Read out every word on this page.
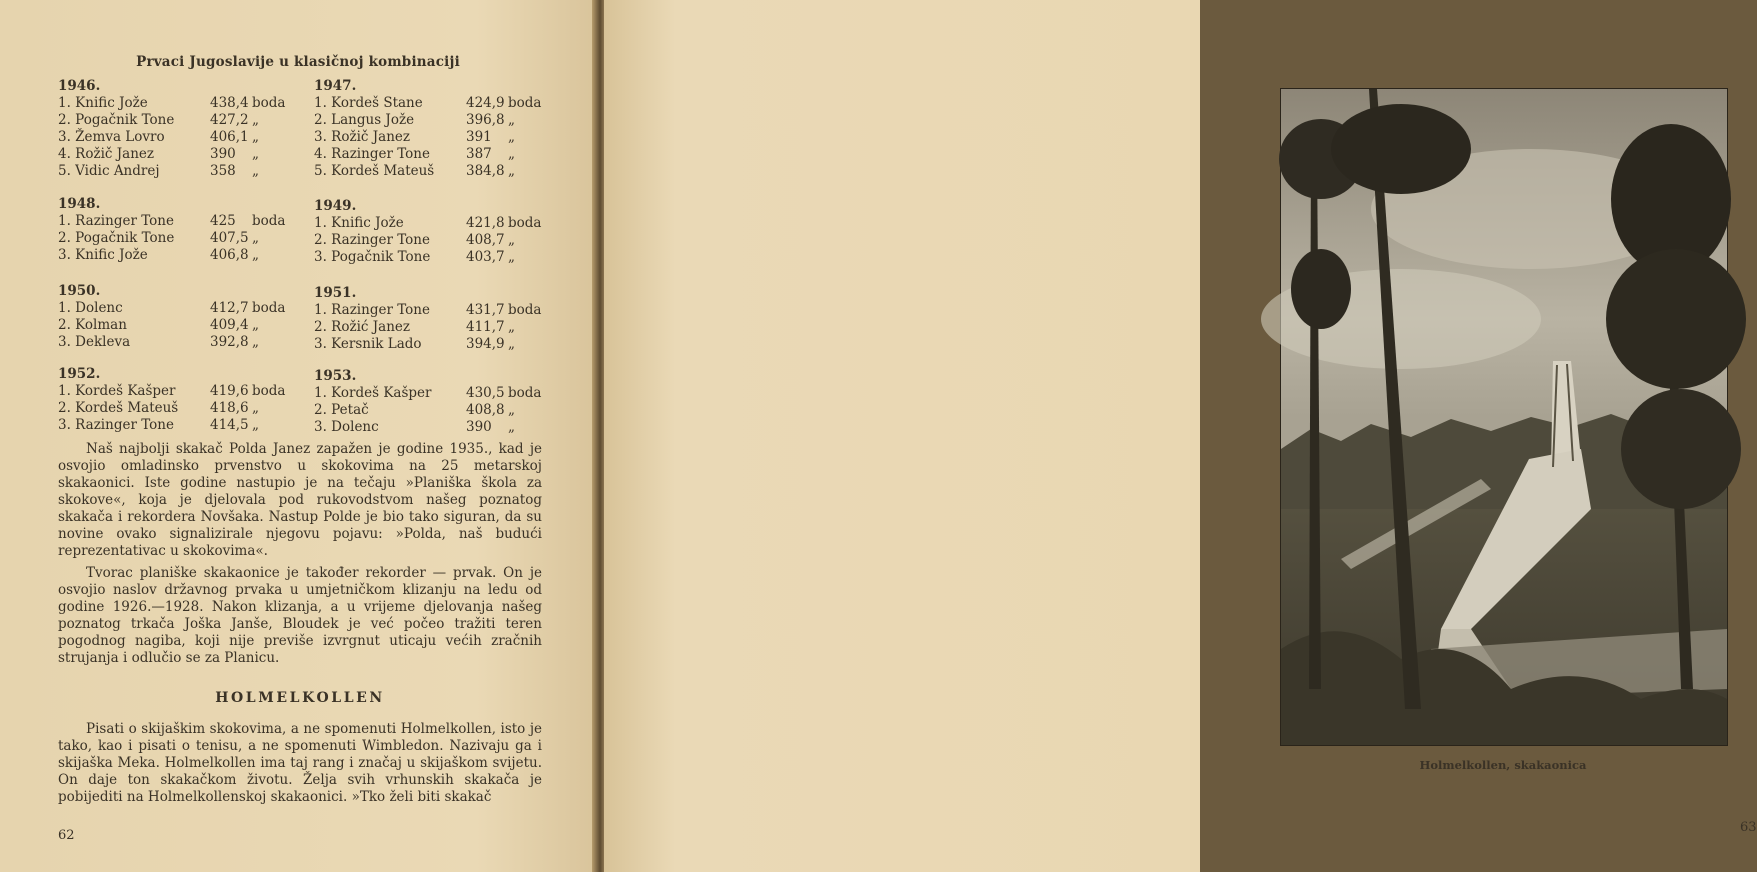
Prvaci Jugoslavije u klasičnoj kombinaciji
1946.
1. Knific Jože	438,4 boda
2. Pogačnik Tone	427,2 „
3. Žemva Lovro	406,1 „
4. Rožič Janez	390	„
5. Vidic Andrej	358	„
1947.
1. Kordeš Stane	424,9 boda
2. Langus Jože	396,8 „
3. Rožič Janez	391	„
4. Razinger Tone	387	„
5. Kordeš Mateuš	384,8 „
1948.
1. Razinger Tone	425	boda
2. Pogačnik Tone	407,5 „
3. Knific Jože	406,8 „
1949.
1. Knific Jože	421,8 boda
2. Razinger Tone	408,7 „
3. Pogačnik Tone	403,7 „
1950.
1. Dolenc	412,7 boda
2. Kolman	409,4 „
3. Dekleva	392,8 „
1951.
1. Razinger Tone	431,7 boda
2. Rožić Janez	411,7 „
3. Kersnik Lado	394,9 „
1952.
1. Kordeš Kašper	419,6 boda
2. Kordeš Mateuš	418,6 „
3. Razinger Tone	414,5 „
1953.
1. Kordeš Kašper	430,5 boda
2. Petač	408,8 „
3. Dolenc	390	„

Naš najbolji skakač Polda Janez zapažen je godine 1935., kad je osvojio omladinsko prvenstvo u skokovima na 25 metarskoj skakaonici. Iste godine nastupio je na tečaju »Planiška škola za skokove«, koja je djelovala pod rukovodstvom našeg poznatog skakača i rekordera Novšaka. Nastup Polde je bio tako siguran, da su novine ovako signalizirale njegovu pojavu: »Polda, naš budući reprezentativac u skokovima«.

Tvorac planiške skakaonice je također rekorder — prvak. On je osvojio naslov državnog prvaka u umjetničkom klizanju na ledu od godine 1926.—1928. Nakon klizanja, a u vrijeme djelovanja našeg poznatog trkača Joška Janše, Bloudek je već počeo tražiti teren pogodnog nagiba, koji nije previše izvrgnut uticaju većih zračnih strujanja i odlučio se za Planicu.

HOLMELKOLLEN

Pisati o skijaškim skokovima, a ne spomenuti Holmelkollen, isto je tako, kao i pisati o tenisu, a ne spomenuti Wimbledon. Nazivaju ga i skijaška Meka. Holmelkollen ima taj rang i značaj u skijaškom svijetu. On daje ton skakačkom životu. Želja svih vrhunskih skakača je pobijediti na Holmelkollenskoj skakaonici. »Tko želi biti skakač

62
Holmelkollen, skakaonica
63
